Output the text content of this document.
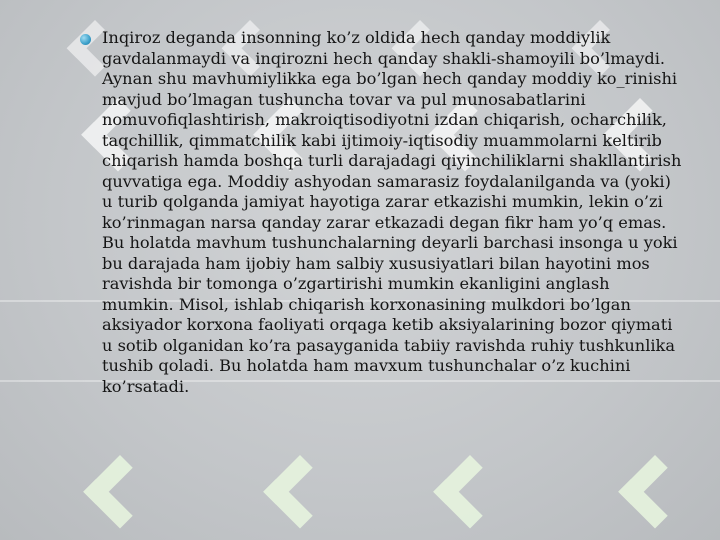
Inqiroz deganda insonning ko’z oldida hech qanday moddiylik gavdalanmaydi va inqirozni hech qanday shakli-shamoyili bo’lmaydi. Aynan shu mavhumiylikka ega bo’lgan hech qanday moddiy ko_rinishi mavjud bo’lmagan tushuncha tovar va pul munosabatlarini nomuvofiqlashtirish, makroiqtisodiyotni izdan chiqarish, ocharchilik, taqchillik, qimmatchilik kabi ijtimoiy-iqtisodiy muammolarni keltirib chiqarish hamda boshqa turli darajadagi qiyinchiliklarni shakllantirish quvvatiga ega. Moddiy ashyodan samarasiz foydalanilganda va (yoki) u turib qolganda jamiyat hayotiga zarar etkazishi mumkin, lekin o’zi ko’rinmagan narsa qanday zarar etkazadi degan fikr ham yo’q emas. Bu holatda mavhum tushunchalarning deyarli barchasi insonga u yoki bu darajada ham ijobiy ham salbiy xususiyatlari bilan hayotini mos ravishda bir tomonga o’zgartirishi mumkin ekanligini anglash mumkin. Misol, ishlab chiqarish korxonasining mulkdori bo’lgan aksiyador korxona faoliyati orqaga ketib aksiyalarining bozor qiymati u sotib olganidan ko’ra pasayganida tabiiy ravishda ruhiy tushkunlika tushib qoladi. Bu holatda ham mavxum tushunchalar o’z kuchini ko’rsatadi.
